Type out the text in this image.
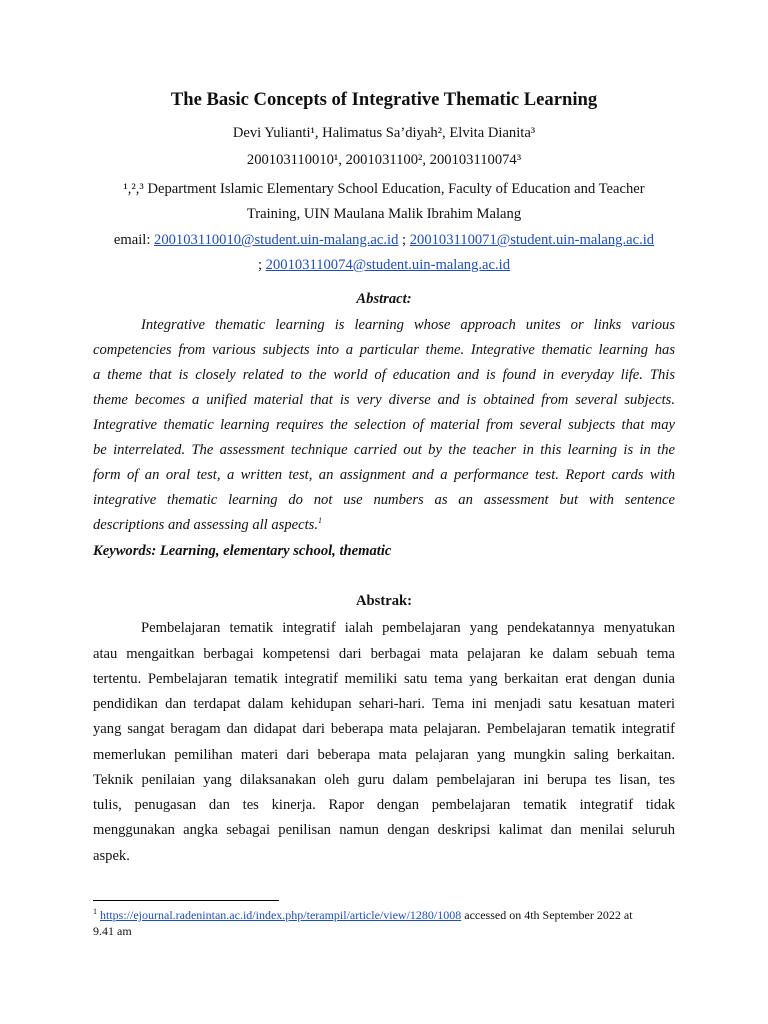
The Basic Concepts of Integrative Thematic Learning
Devi Yulianti¹, Halimatus Sa’diyah², Elvita Dianita³
200103110010¹, 2001031100², 200103110074³
¹,²,³ Department Islamic Elementary School Education, Faculty of Education and Teacher
Training, UIN Maulana Malik Ibrahim Malang
email: 200103110010@student.uin-malang.ac.id ; 200103110071@student.uin-malang.ac.id
; 200103110074@student.uin-malang.ac.id
Abstract:
Integrative thematic learning is learning whose approach unites or links various
competencies from various subjects into a particular theme. Integrative thematic learning has
a theme that is closely related to the world of education and is found in everyday life. This
theme becomes a unified material that is very diverse and is obtained from several subjects.
Integrative thematic learning requires the selection of material from several subjects that may
be interrelated. The assessment technique carried out by the teacher in this learning is in the
form of an oral test, a written test, an assignment and a performance test. Report cards with
integrative thematic learning do not use numbers as an assessment but with sentence
descriptions and assessing all aspects.$^1$
Keywords: Learning, elementary school, thematic
Abstrak:
Pembelajaran tematik integratif ialah pembelajaran yang pendekatannya menyatukan
atau mengaitkan berbagai kompetensi dari berbagai mata pelajaran ke dalam sebuah tema
tertentu. Pembelajaran tematik integratif memiliki satu tema yang berkaitan erat dengan dunia
pendidikan dan terdapat dalam kehidupan sehari-hari. Tema ini menjadi satu kesatuan materi
yang sangat beragam dan didapat dari beberapa mata pelajaran. Pembelajaran tematik integratif
memerlukan pemilihan materi dari beberapa mata pelajaran yang mungkin saling berkaitan.
Teknik penilaian yang dilaksanakan oleh guru dalam pembelajaran ini berupa tes lisan, tes
tulis, penugasan dan tes kinerja. Rapor dengan pembelajaran tematik integratif tidak
menggunakan angka sebagai penilisan namun dengan deskripsi kalimat dan menilai seluruh
aspek.
$^1$ https://ejournal.radenintan.ac.id/index.php/terampil/article/view/1280/1008 accessed on 4th September 2022 at
9.41 am
